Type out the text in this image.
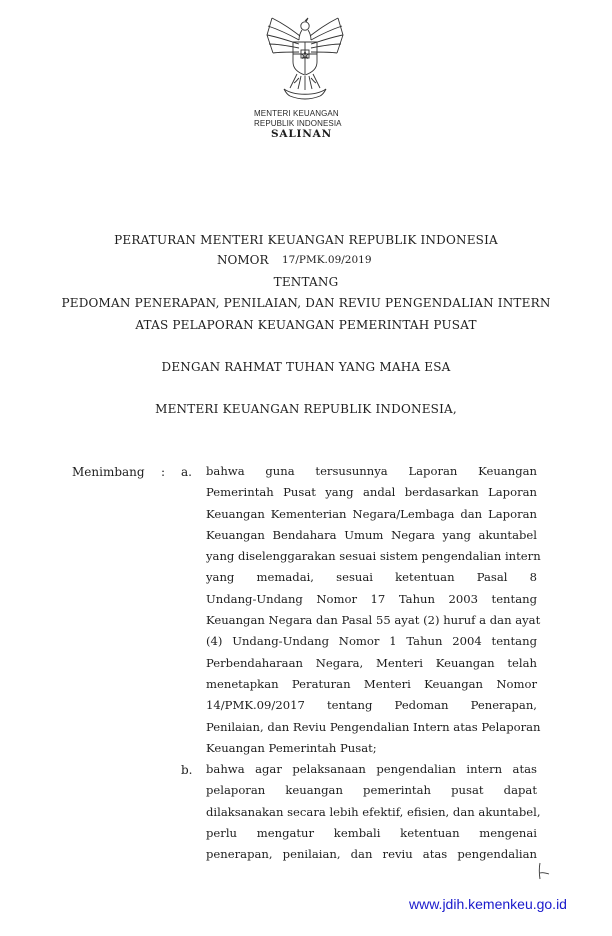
MENTERI KEUANGAN
REPUBLIK INDONESIA
SALINAN
PERATURAN MENTERI KEUANGAN REPUBLIK INDONESIA
NOMOR 17/PMK.09/2019
TENTANG
PEDOMAN PENERAPAN, PENILAIAN, DAN REVIU PENGENDALIAN INTERN
ATAS PELAPORAN KEUANGAN PEMERINTAH PUSAT
DENGAN RAHMAT TUHAN YANG MAHA ESA
MENTERI KEUANGAN REPUBLIK INDONESIA,
Menimbang : a. bahwa guna tersusunnya Laporan Keuangan
Pemerintah Pusat yang andal berdasarkan Laporan
Keuangan Kementerian Negara/Lembaga dan Laporan
Keuangan Bendahara Umum Negara yang akuntabel
yang diselenggarakan sesuai sistem pengendalian intern
yang memadai, sesuai ketentuan Pasal 8
Undang-Undang Nomor 17 Tahun 2003 tentang
Keuangan Negara dan Pasal 55 ayat (2) huruf a dan ayat
(4) Undang-Undang Nomor 1 Tahun 2004 tentang
Perbendaharaan Negara, Menteri Keuangan telah
menetapkan Peraturan Menteri Keuangan Nomor
14/PMK.09/2017 tentang Pedoman Penerapan,
Penilaian, dan Reviu Pengendalian Intern atas Pelaporan
Keuangan Pemerintah Pusat;
b. bahwa agar pelaksanaan pengendalian intern atas
pelaporan keuangan pemerintah pusat dapat
dilaksanakan secara lebih efektif, efisien, dan akuntabel,
perlu mengatur kembali ketentuan mengenai
penerapan, penilaian, dan reviu atas pengendalian
www.jdih.kemenkeu.go.id
